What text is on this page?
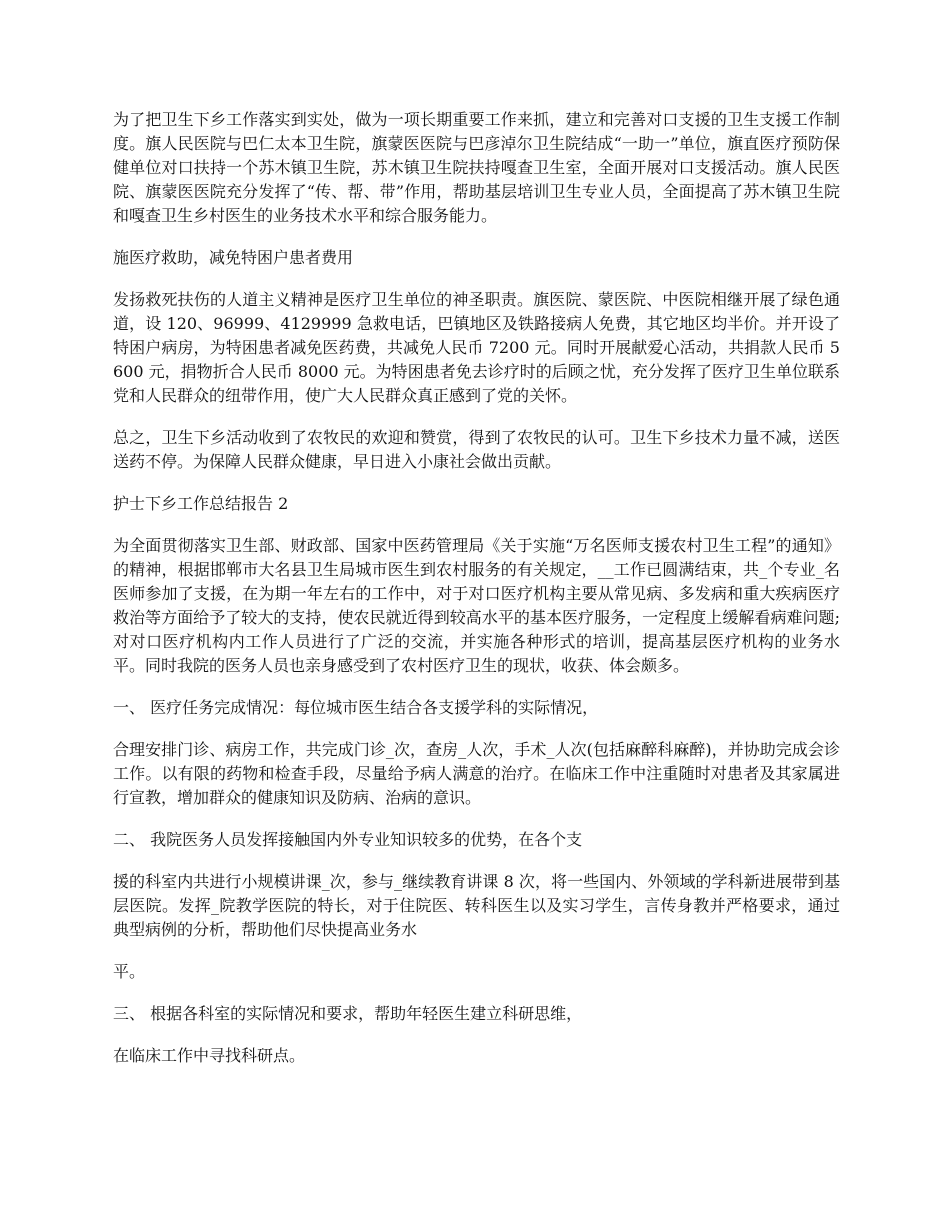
为了把卫生下乡工作落实到实处，做为一项长期重要工作来抓，建立和完善对口支援的卫生支援工作制度。旗人民医院与巴仁太本卫生院，旗蒙医医院与巴彦淖尔卫生院结成“一助一”单位，旗直医疗预防保健单位对口扶持一个苏木镇卫生院，苏木镇卫生院扶持嘎查卫生室，全面开展对口支援活动。旗人民医院、旗蒙医医院充分发挥了“传、帮、带”作用，帮助基层培训卫生专业人员，全面提高了苏木镇卫生院和嘎查卫生乡村医生的业务技术水平和综合服务能力。

施医疗救助，减免特困户患者费用

发扬救死扶伤的人道主义精神是医疗卫生单位的神圣职责。旗医院、蒙医院、中医院相继开展了绿色通道，设 120、96999、4129999 急救电话，巴镇地区及铁路接病人免费，其它地区均半价。并开设了特困户病房，为特困患者减免医药费，共减免人民币 7200 元。同时开展献爱心活动，共捐款人民币 5600 元，捐物折合人民币 8000 元。为特困患者免去诊疗时的后顾之忧，充分发挥了医疗卫生单位联系党和人民群众的纽带作用，使广大人民群众真正感到了党的关怀。

总之，卫生下乡活动收到了农牧民的欢迎和赞赏，得到了农牧民的认可。卫生下乡技术力量不减，送医送药不停。为保障人民群众健康，早日进入小康社会做出贡献。

护士下乡工作总结报告 2

为全面贯彻落实卫生部、财政部、国家中医药管理局《关于实施“万名医师支援农村卫生工程”的通知》的精神，根据邯郸市大名县卫生局城市医生到农村服务的有关规定，__工作已圆满结束，共_个专业_名医师参加了支援，在为期一年左右的工作中，对于对口医疗机构主要从常见病、多发病和重大疾病医疗救治等方面给予了较大的支持，使农民就近得到较高水平的基本医疗服务，一定程度上缓解看病难问题;对对口医疗机构内工作人员进行了广泛的交流，并实施各种形式的培训，提高基层医疗机构的业务水平。同时我院的医务人员也亲身感受到了农村医疗卫生的现状，收获、体会颇多。

一、 医疗任务完成情况：每位城市医生结合各支援学科的实际情况，

合理安排门诊、病房工作，共完成门诊_次，查房_人次，手术_人次(包括麻醉科麻醉)，并协助完成会诊工作。以有限的药物和检查手段，尽量给予病人满意的治疗。在临床工作中注重随时对患者及其家属进行宣教，增加群众的健康知识及防病、治病的意识。

二、 我院医务人员发挥接触国内外专业知识较多的优势，在各个支

援的科室内共进行小规模讲课_次，参与_继续教育讲课 8 次，将一些国内、外领域的学科新进展带到基层医院。发挥_院教学医院的特长，对于住院医、转科医生以及实习学生，言传身教并严格要求，通过典型病例的分析，帮助他们尽快提高业务水

平。

三、 根据各科室的实际情况和要求，帮助年轻医生建立科研思维，

在临床工作中寻找科研点。
